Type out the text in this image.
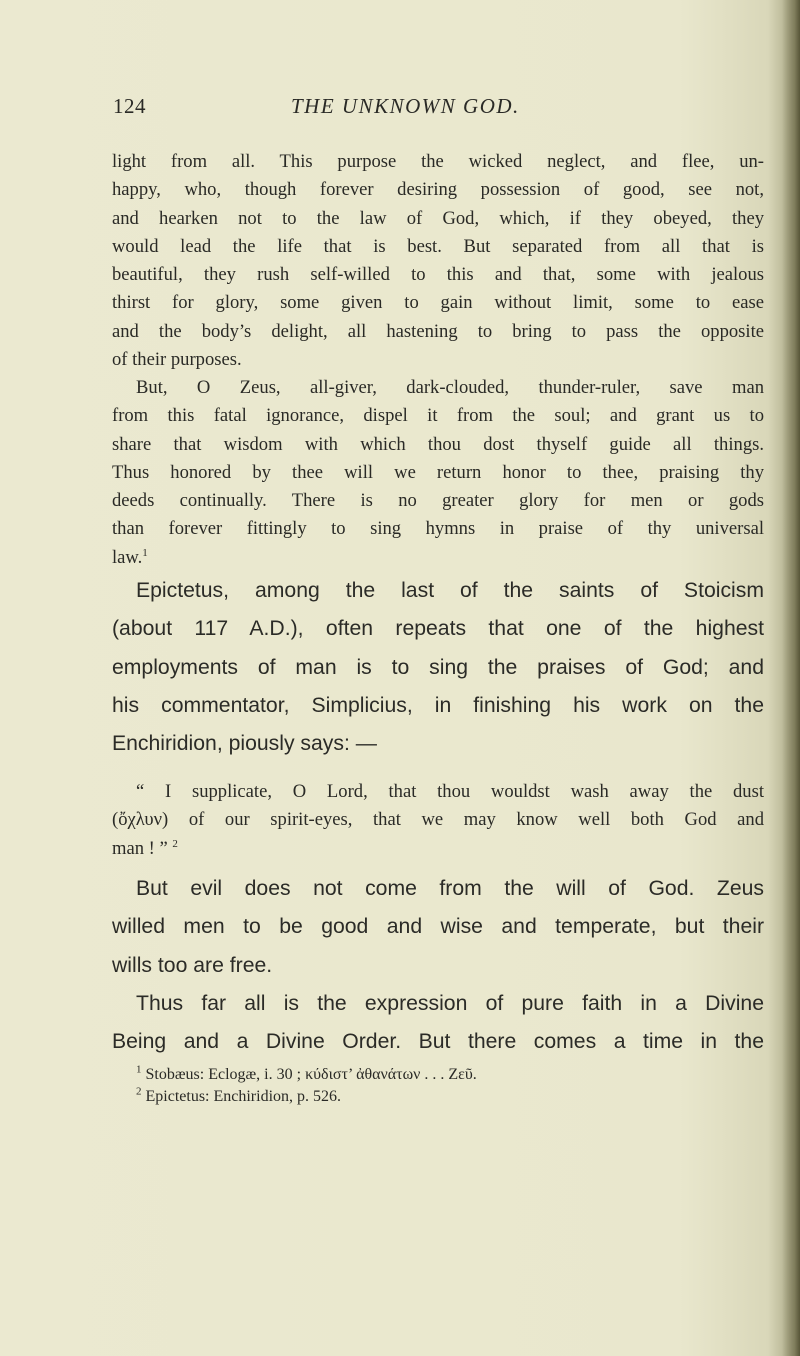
124	THE UNKNOWN GOD.
light from all. This purpose the wicked neglect, and flee, un-
happy, who, though forever desiring possession of good, see not,
and hearken not to the law of God, which, if they obeyed, they
would lead the life that is best. But separated from all that is
beautiful, they rush self-willed to this and that, some with jealous
thirst for glory, some given to gain without limit, some to ease
and the body’s delight, all hastening to bring to pass the opposite
of their purposes.
But, O Zeus, all-giver, dark-clouded, thunder-ruler, save man
from this fatal ignorance, dispel it from the soul; and grant us to
share that wisdom with which thou dost thyself guide all things.
Thus honored by thee will we return honor to thee, praising thy
deeds continually. There is no greater glory for men or gods
than forever fittingly to sing hymns in praise of thy universal
law.$^1$
Epictetus, among the last of the saints of Stoicism
(about 117 A.D.), often repeats that one of the highest
employments of man is to sing the praises of God; and
his commentator, Simplicius, in finishing his work on the
Enchiridion, piously says: —
“ I supplicate, O Lord, that thou wouldst wash away the dust
(ὄχλυν) of our spirit-eyes, that we may know well both God and
man ! ” $^2$
But evil does not come from the will of God. Zeus
willed men to be good and wise and temperate, but their
wills too are free.
Thus far all is the expression of pure faith in a Divine
Being and a Divine Order. But there comes a time in the
$^1$ Stobæus: Eclogæ, i. 30 ; κύδιστ’ ἀθανάτων . . . Ζεῦ.
$^2$ Epictetus: Enchiridion, p. 526.
